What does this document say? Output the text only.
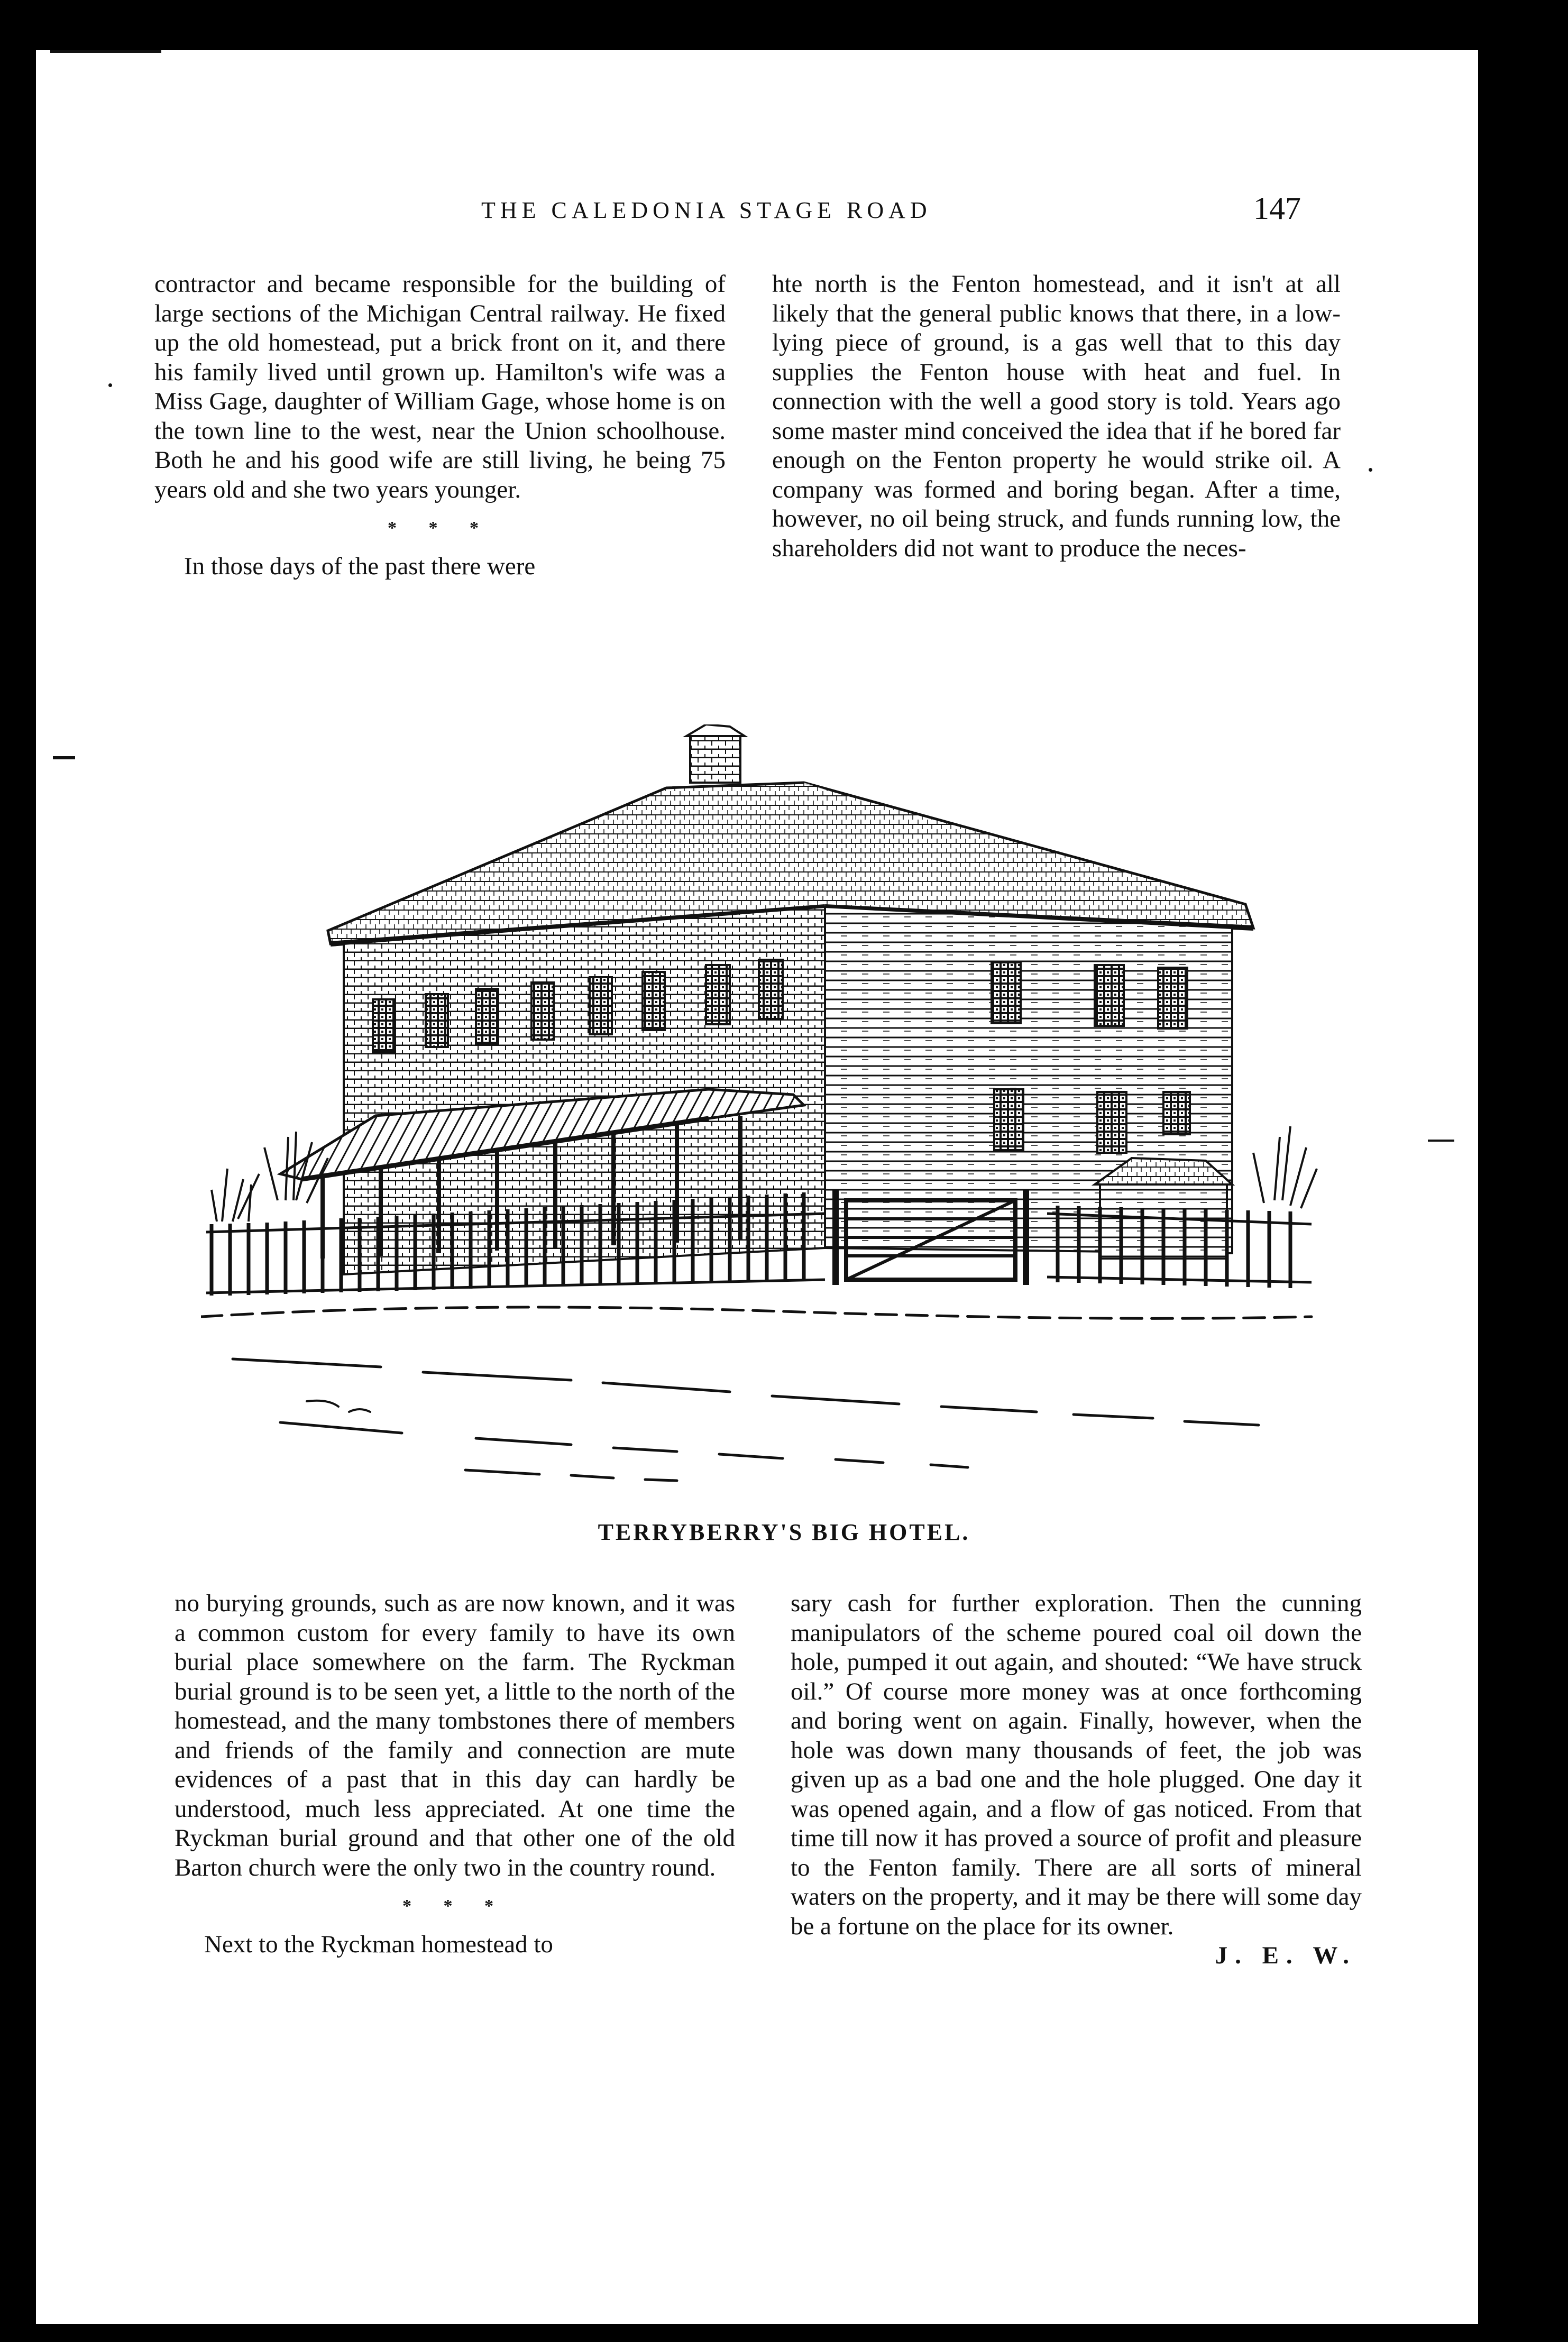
THE CALEDONIA STAGE ROAD	147

contractor and became responsible for the building of large sections of the Michigan Central railway. He fixed up the old homestead, put a brick front on it, and there his family lived until grown up. Hamilton's wife was a Miss Gage, daughter of William Gage, whose home is on the town line to the west, near the Union schoolhouse. Both he and his good wife are still living, he being 75 years old and she two years younger.

* * *

In those days of the past there were

hte north is the Fenton homestead, and it isn't at all likely that the general public knows that there, in a low-lying piece of ground, is a gas well that to this day supplies the Fenton house with heat and fuel. In connection with the well a good story is told. Years ago some master mind conceived the idea that if he bored far enough on the Fenton property he would strike oil. A company was formed and boring began. After a time, however, no oil being struck, and funds running low, the shareholders did not want to produce the neces-

TERRYBERRY'S BIG HOTEL.

no burying grounds, such as are now known, and it was a common custom for every family to have its own burial place somewhere on the farm. The Ryckman burial ground is to be seen yet, a little to the north of the homestead, and the many tombstones there of members and friends of the family and connection are mute evidences of a past that in this day can hardly be understood, much less appreciated. At one time the Ryckman burial ground and that other one of the old Barton church were the only two in the country round.

* * *

Next to the Ryckman homestead to

sary cash for further exploration. Then the cunning manipulators of the scheme poured coal oil down the hole, pumped it out again, and shouted: “We have struck oil.” Of course more money was at once forthcoming and boring went on again. Finally, however, when the hole was down many thousands of feet, the job was given up as a bad one and the hole plugged. One day it was opened again, and a flow of gas noticed. From that time till now it has proved a source of profit and pleasure to the Fenton family. There are all sorts of mineral waters on the property, and it may be there will some day be a fortune on the place for its owner.

J. E. W.
